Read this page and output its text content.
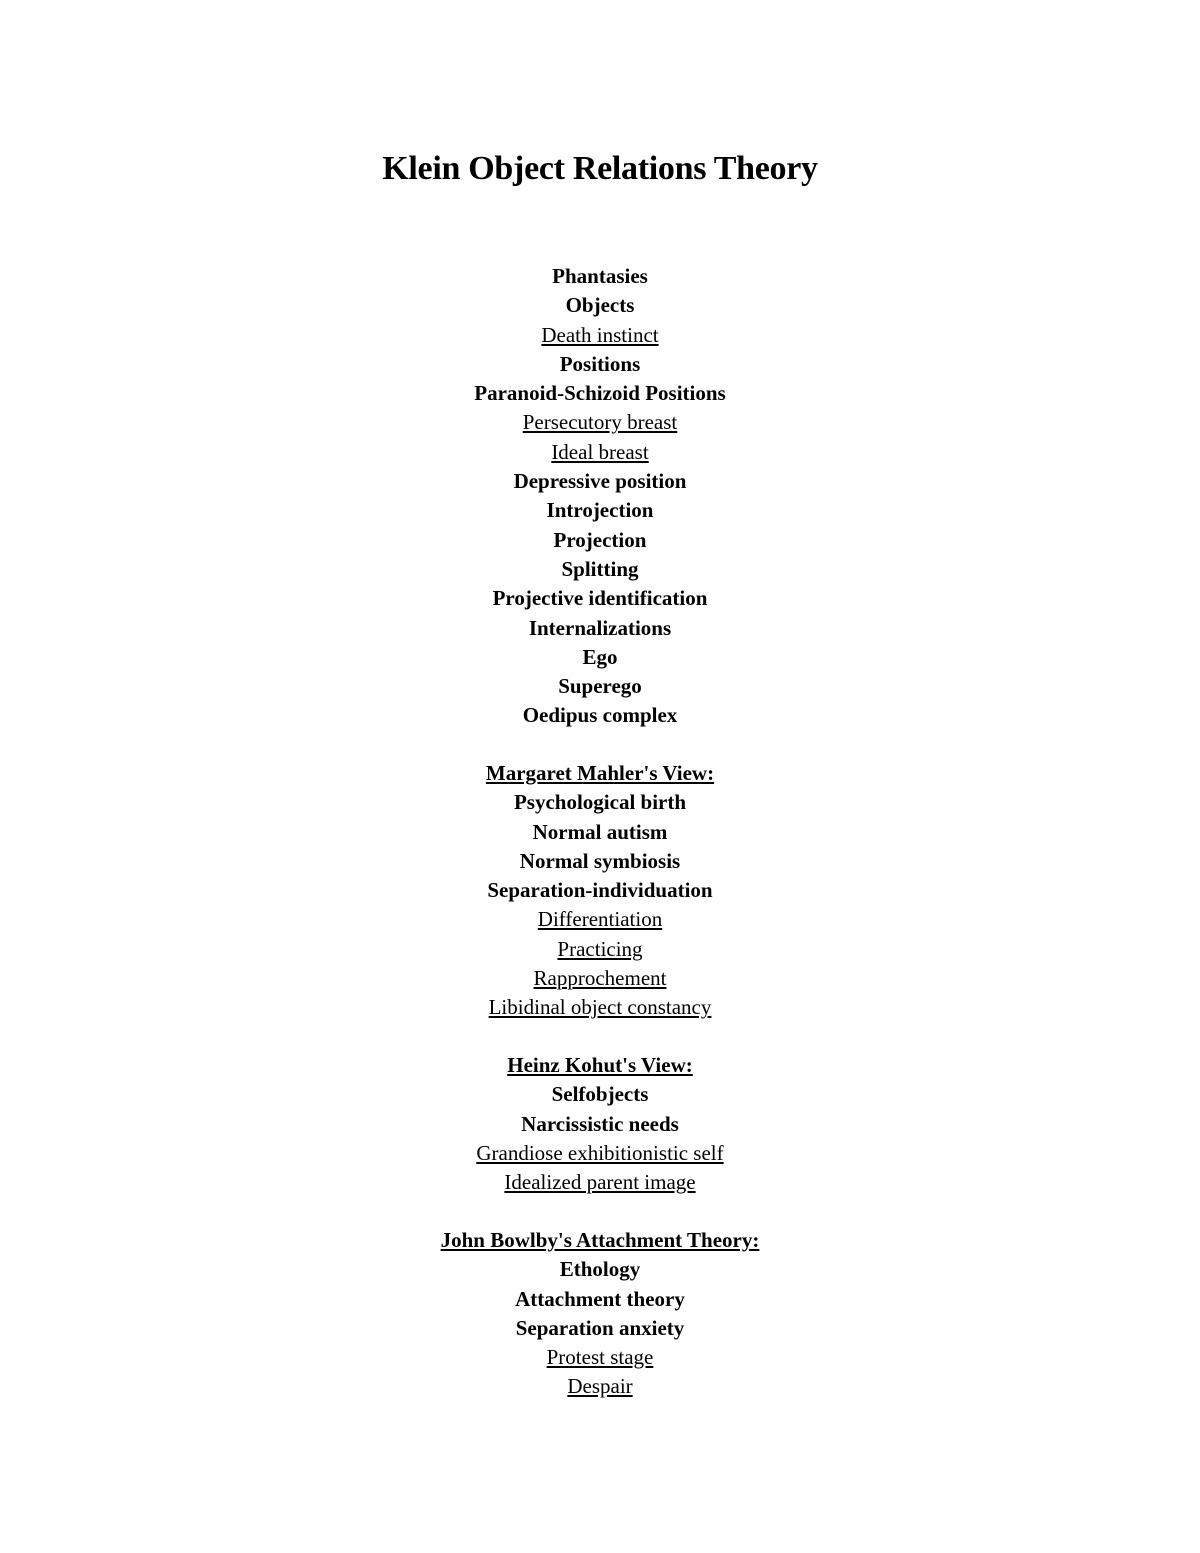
Klein Object Relations Theory
Phantasies
Objects
Death instinct
Positions
Paranoid-Schizoid Positions
Persecutory breast
Ideal breast
Depressive position
Introjection
Projection
Splitting
Projective identification
Internalizations
Ego
Superego
Oedipus complex
Margaret Mahler's View:
Psychological birth
Normal autism
Normal symbiosis
Separation-individuation
Differentiation
Practicing
Rapprochement
Libidinal object constancy
Heinz Kohut's View:
Selfobjects
Narcissistic needs
Grandiose exhibitionistic self
Idealized parent image
John Bowlby's Attachment Theory:
Ethology
Attachment theory
Separation anxiety
Protest stage
Despair
